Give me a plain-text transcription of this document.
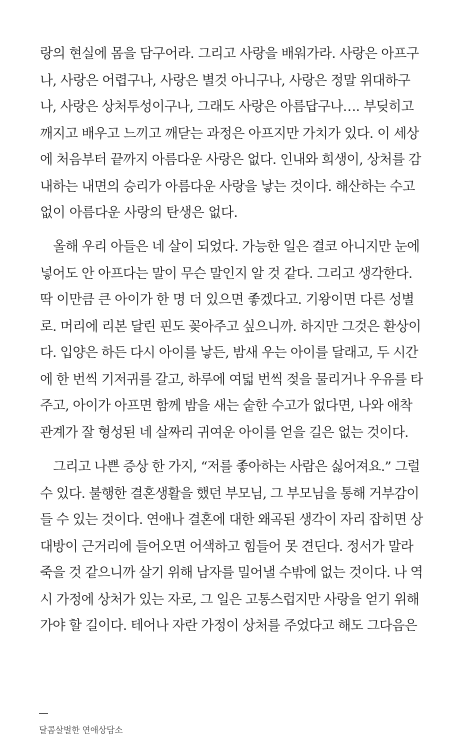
랑의 현실에 몸을 담구어라. 그리고 사랑을 배워가라. 사랑은 아프구
나, 사랑은 어렵구나, 사랑은 별것 아니구나, 사랑은 정말 위대하구
나, 사랑은 상처투성이구나, 그래도 사랑은 아름답구나…. 부딪히고
깨지고 배우고 느끼고 깨닫는 과정은 아프지만 가치가 있다. 이 세상
에 처음부터 끝까지 아름다운 사랑은 없다. 인내와 희생이, 상처를 감
내하는 내면의 승리가 아름다운 사랑을 낳는 것이다. 해산하는 수고
없이 아름다운 사랑의 탄생은 없다.
올해 우리 아들은 네 살이 되었다. 가능한 일은 결코 아니지만 눈에
넣어도 안 아프다는 말이 무슨 말인지 알 것 같다. 그리고 생각한다.
딱 이만큼 큰 아이가 한 명 더 있으면 좋겠다고. 기왕이면 다른 성별
로. 머리에 리본 달린 핀도 꽂아주고 싶으니까. 하지만 그것은 환상이
다. 입양은 하든 다시 아이를 낳든, 밤새 우는 아이를 달래고, 두 시간
에 한 번씩 기저귀를 갈고, 하루에 여덟 번씩 젖을 물리거나 우유를 타
주고, 아이가 아프면 함께 밤을 새는 숱한 수고가 없다면, 나와 애착
관계가 잘 형성된 네 살짜리 귀여운 아이를 얻을 길은 없는 것이다.
그리고 나쁜 증상 한 가지, “저를 좋아하는 사람은 싫어져요.” 그럴
수 있다. 불행한 결혼생활을 했던 부모님, 그 부모님을 통해 거부감이
들 수 있는 것이다. 연애나 결혼에 대한 왜곡된 생각이 자리 잡히면 상
대방이 근거리에 들어오면 어색하고 힘들어 못 견딘다. 정서가 말라
죽을 것 같으니까 살기 위해 남자를 밀어낼 수밖에 없는 것이다. 나 역
시 가정에 상처가 있는 자로, 그 일은 고통스럽지만 사랑을 얻기 위해
가야 할 길이다. 테어나 자란 가정이 상처를 주었다고 해도 그다음은
달콤살벌한 연애상담소
